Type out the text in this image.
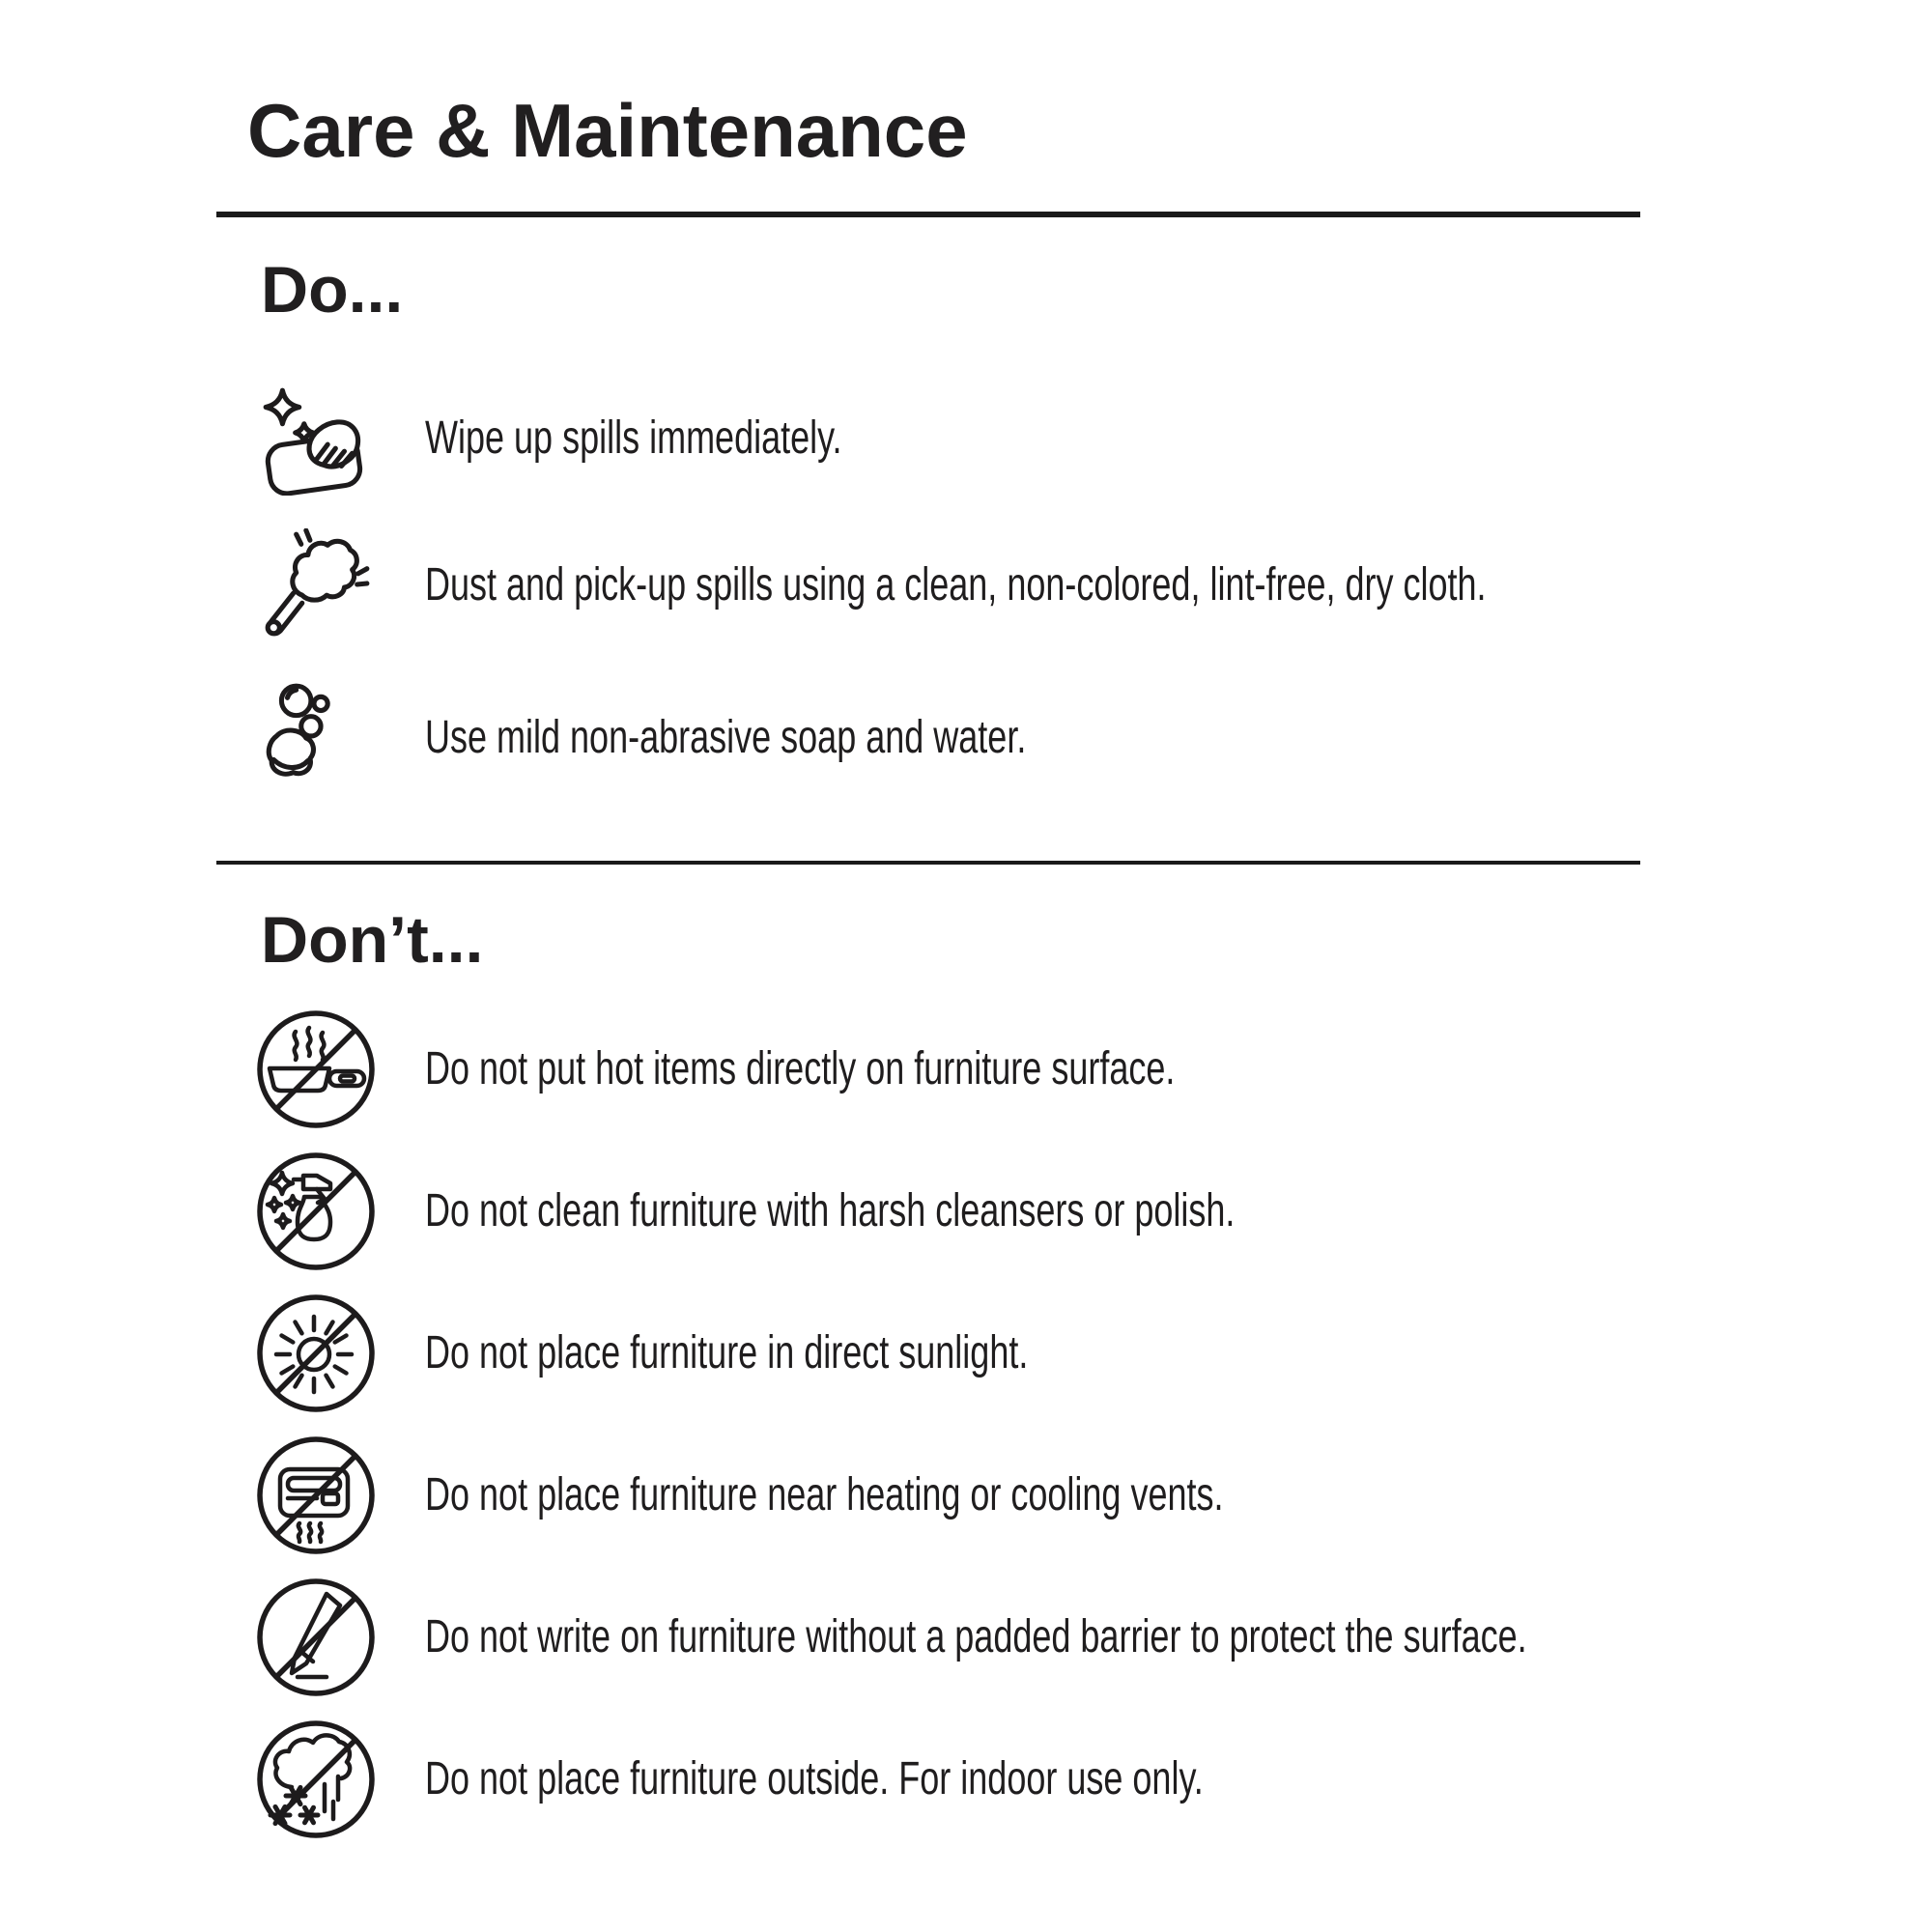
Care & Maintenance
Do...

Wipe up spills immediately.

Dust and pick-up spills using a clean, non-colored, lint-free, dry cloth.

Use mild non-abrasive soap and water.

Don’t...

Do not put hot items directly on furniture surface.

Do not clean furniture with harsh cleansers or polish.

Do not place furniture in direct sunlight.

Do not place furniture near heating or cooling vents.

Do not write on furniture without a padded barrier to protect the surface.

Do not place furniture outside. For indoor use only.
